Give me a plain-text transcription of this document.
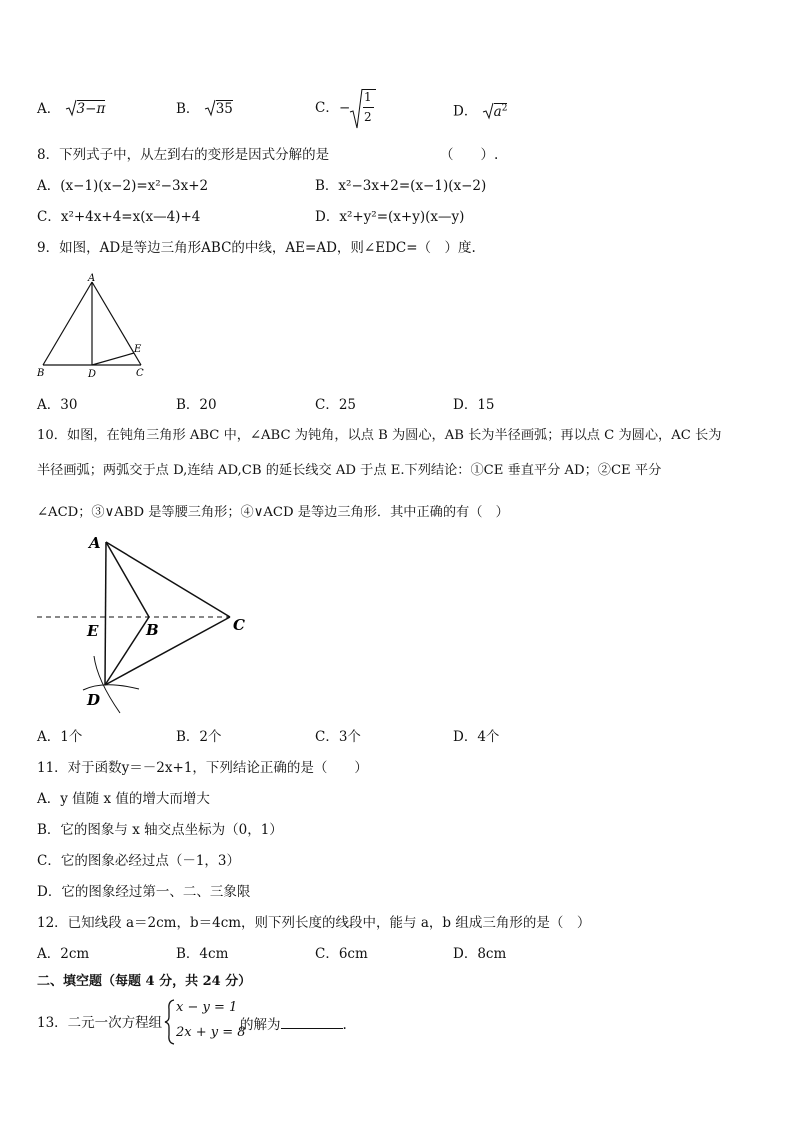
A． 3−π	B． 35	C． −
1
2	D． $a^2$
8．下列式子中，从左到右的变形是因式分解的是	（　　）.
A．(x−1)(x−2)=x²−3x+2	B．x²−3x+2=(x−1)(x−2)
C．x²+4x+4=x(x—4)+4	D．x²+y²=(x+y)(x—y)
9．如图，AD是等边三角形ABC的中线，AE=AD，则∠EDC=（　）度.
A
B	D	C
E
A．30	B．20	C．25	D．15
10．如图，在钝角三角形 ABC 中，∠ABC 为钝角，以点 B 为圆心，AB 长为半径画弧；再以点 C 为圆心，AC 长为
半径画弧；两弧交于点 D,连结 AD,CB 的延长线交 AD 于点 E.下列结论：①CE 垂直平分 AD；②CE 平分
∠ACD；③∨ABD 是等腰三角形；④∨ACD 是等边三角形．其中正确的有（　）
A
E	B	C
D
A．1个	B．2个	C．3个	D．4个
11．对于函数y＝－2x+1，下列结论正确的是（　　）
A．y 值随 x 值的增大而增大
B．它的图象与 x 轴交点坐标为（0，1）
C．它的图象必经过点（－1，3）
D．它的图象经过第一、二、三象限
12．已知线段 a＝2cm，b＝4cm，则下列长度的线段中，能与 a，b 组成三角形的是（　）
A．2cm	B．4cm	C．6cm	D．8cm
二、填空题（每题 4 分，共 24 分）
13．二元一次方程组
x − y = 1
2x + y = 8
的解为	.
